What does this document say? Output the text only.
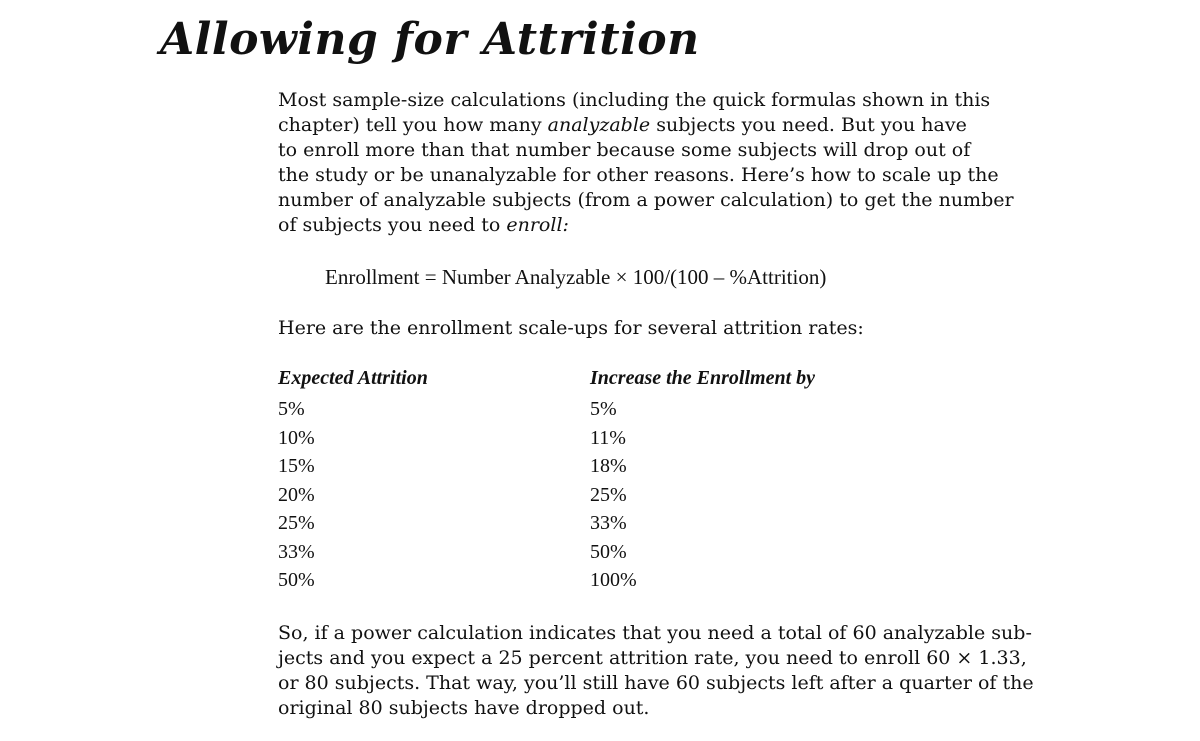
Allowing for Attrition

Most sample-size calculations (including the quick formulas shown in this
chapter) tell you how many analyzable subjects you need. But you have
to enroll more than that number because some subjects will drop out of
the study or be unanalyzable for other reasons. Here’s how to scale up the
number of analyzable subjects (from a power calculation) to get the number
of subjects you need to enroll:

Enrollment = Number Analyzable × 100/(100 – %Attrition)

Here are the enrollment scale-ups for several attrition rates:

Expected Attrition	Increase the Enrollment by
5%	5%
10%	11%
15%	18%
20%	25%
25%	33%
33%	50%
50%	100%

So, if a power calculation indicates that you need a total of 60 analyzable sub-
jects and you expect a 25 percent attrition rate, you need to enroll 60 × 1.33,
or 80 subjects. That way, you’ll still have 60 subjects left after a quarter of the
original 80 subjects have dropped out.
